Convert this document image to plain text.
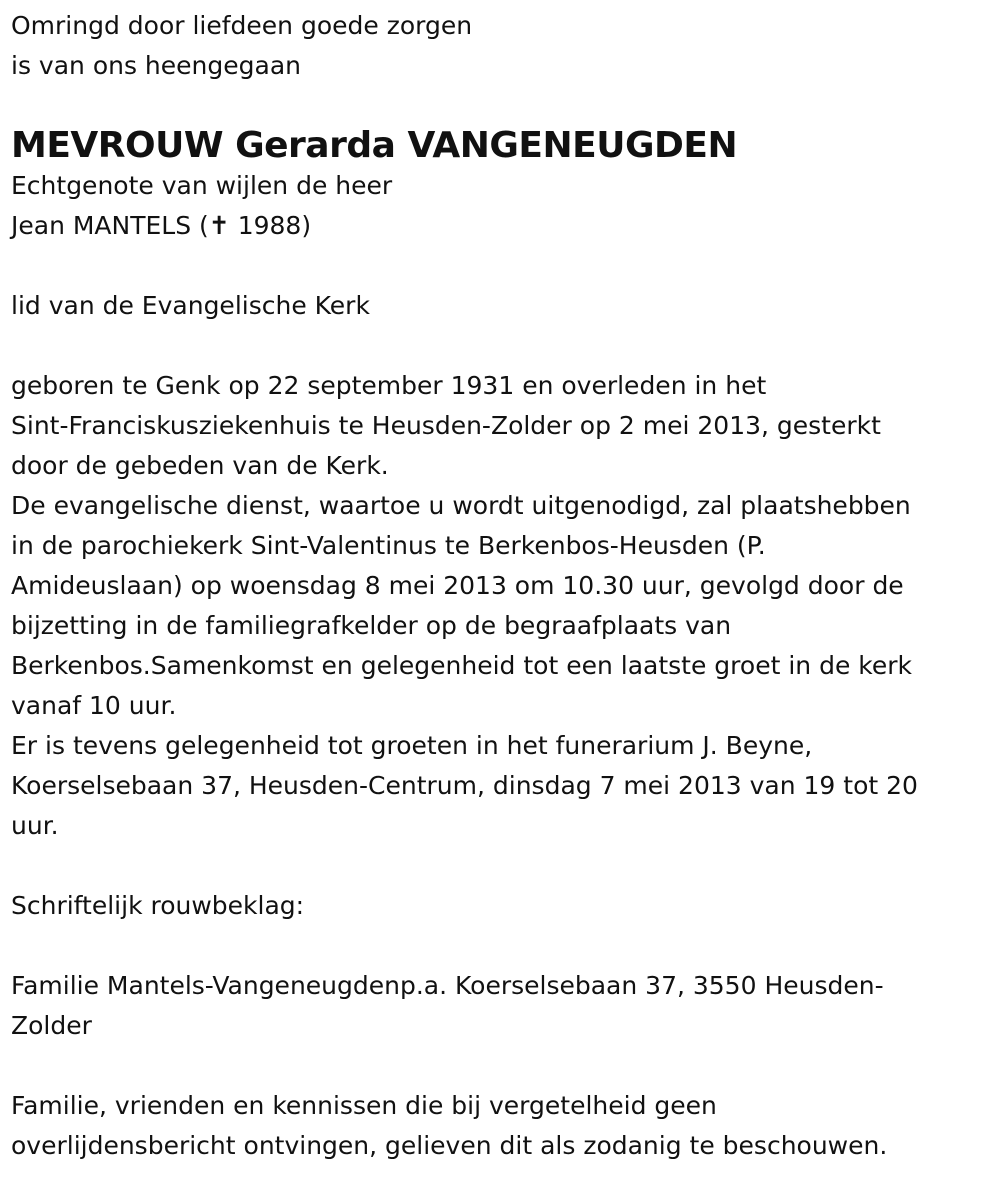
Omringd door liefdeen goede zorgen

is van ons heengegaan

MEVROUW Gerarda VANGENEUGDEN

Echtgenote van wijlen de heer

Jean MANTELS (✝ 1988)

lid van de Evangelische Kerk

geboren te Genk op 22 september 1931 en overleden in het

Sint-Franciskusziekenhuis te Heusden-Zolder op 2 mei 2013, gesterkt

door de gebeden van de Kerk.

De evangelische dienst, waartoe u wordt uitgenodigd, zal plaatshebben

in de parochiekerk Sint-Valentinus te Berkenbos-Heusden (P.

Amideuslaan) op woensdag 8 mei 2013 om 10.30 uur, gevolgd door de

bijzetting in de familiegrafkelder op de begraafplaats van

Berkenbos.Samenkomst en gelegenheid tot een laatste groet in de kerk

vanaf 10 uur.

Er is tevens gelegenheid tot groeten in het funerarium J. Beyne,

Koerselsebaan 37, Heusden-Centrum, dinsdag 7 mei 2013 van 19 tot 20

uur.

Schriftelijk rouwbeklag:

Familie Mantels-Vangeneugdenp.a. Koerselsebaan 37, 3550 Heusden-

Zolder

Familie, vrienden en kennissen die bij vergetelheid geen

overlijdensbericht ontvingen, gelieven dit als zodanig te beschouwen.
